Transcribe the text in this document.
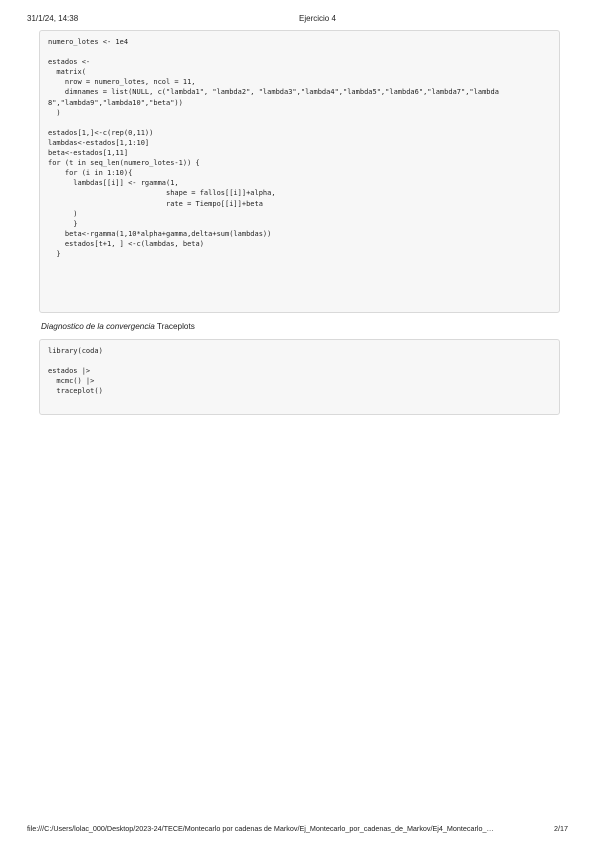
31/1/24, 14:38	Ejercicio 4
numero_lotes <- 1e4

estados <-
matrix(
nrow = numero_lotes, ncol = 11,
dimnames = list(NULL, c("lambda1", "lambda2", "lambda3","lambda4","lambda5","lambda6","lambda7","lambda
8","lambda9","lambda10","beta"))
)

estados[1,]<-c(rep(0,11))
lambdas<-estados[1,1:10]
beta<-estados[1,11]
for (t in seq_len(numero_lotes-1)) {
for (i in 1:10){
lambdas[[i]] <- rgamma(1,
shape = fallos[[i]]+alpha,
rate = Tiempo[[i]]+beta
)
}
beta<-rgamma(1,10*alpha+gamma,delta+sum(lambdas))
estados[t+1, ] <-c(lambdas, beta)
}

Diagnostico de la convergencia Traceplots
library(coda)

estados |>
mcmc() |>
traceplot()

file:///C:/Users/lolac_000/Desktop/2023-24/TECE/Montecarlo por cadenas de Markov/Ej_Montecarlo_por_cadenas_de_Markov/Ej4_Montecarlo_…	2/17
